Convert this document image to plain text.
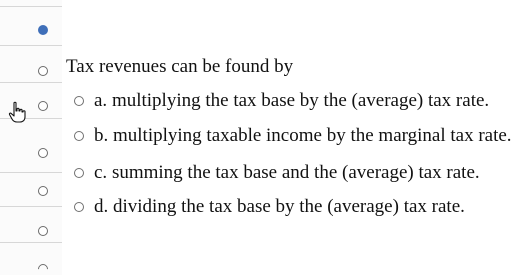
Tax revenues can be found by
a. multiplying the tax base by the (average) tax rate.
b. multiplying taxable income by the marginal tax rate.
c. summing the tax base and the (average) tax rate.
d. dividing the tax base by the (average) tax rate.
